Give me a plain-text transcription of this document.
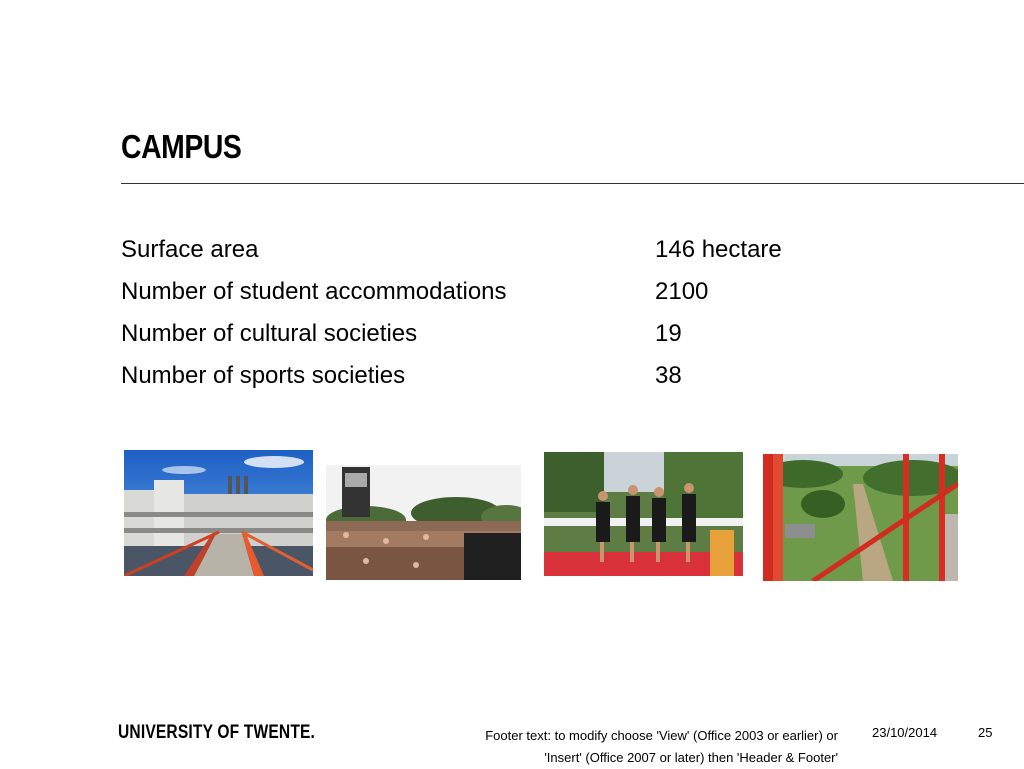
CAMPUS
Surface area	146 hectare
Number of student accommodations	2100
Number of cultural societies	19
Number of sports societies	38
UNIVERSITY OF TWENTE.	Footer text: to modify choose 'View' (Office 2003 or earlier) or
'Insert' (Office 2007 or later) then 'Header & Footer'
23/10/2014	25
